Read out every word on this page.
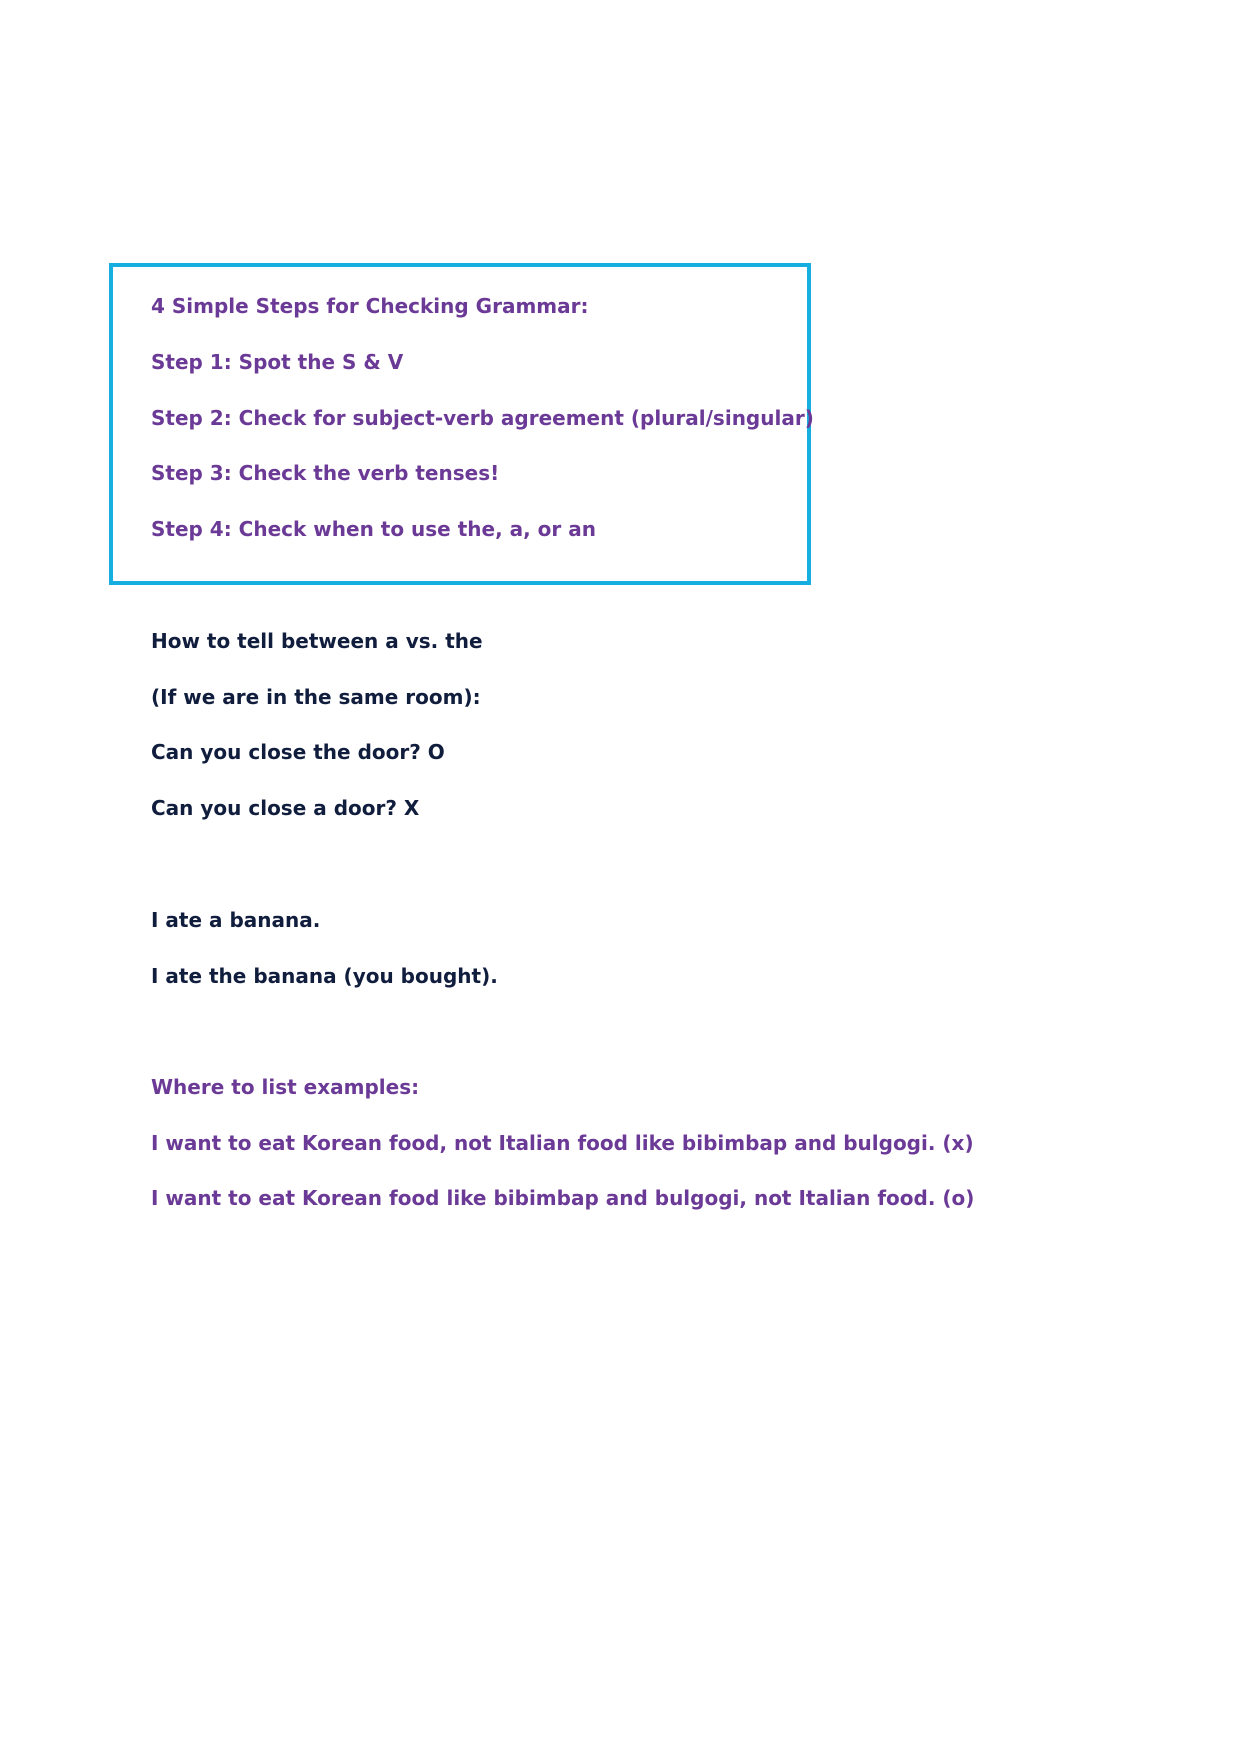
4 Simple Steps for Checking Grammar:

Step 1: Spot the S & V

Step 2: Check for subject-verb agreement (plural/singular)

Step 3: Check the verb tenses!

Step 4: Check when to use the, a, or an

How to tell between a vs. the

(If we are in the same room):

Can you close the door? O

Can you close a door? X

I ate a banana.

I ate the banana (you bought).

Where to list examples:

I want to eat Korean food, not Italian food like bibimbap and bulgogi. (x)

I want to eat Korean food like bibimbap and bulgogi, not Italian food. (o)
